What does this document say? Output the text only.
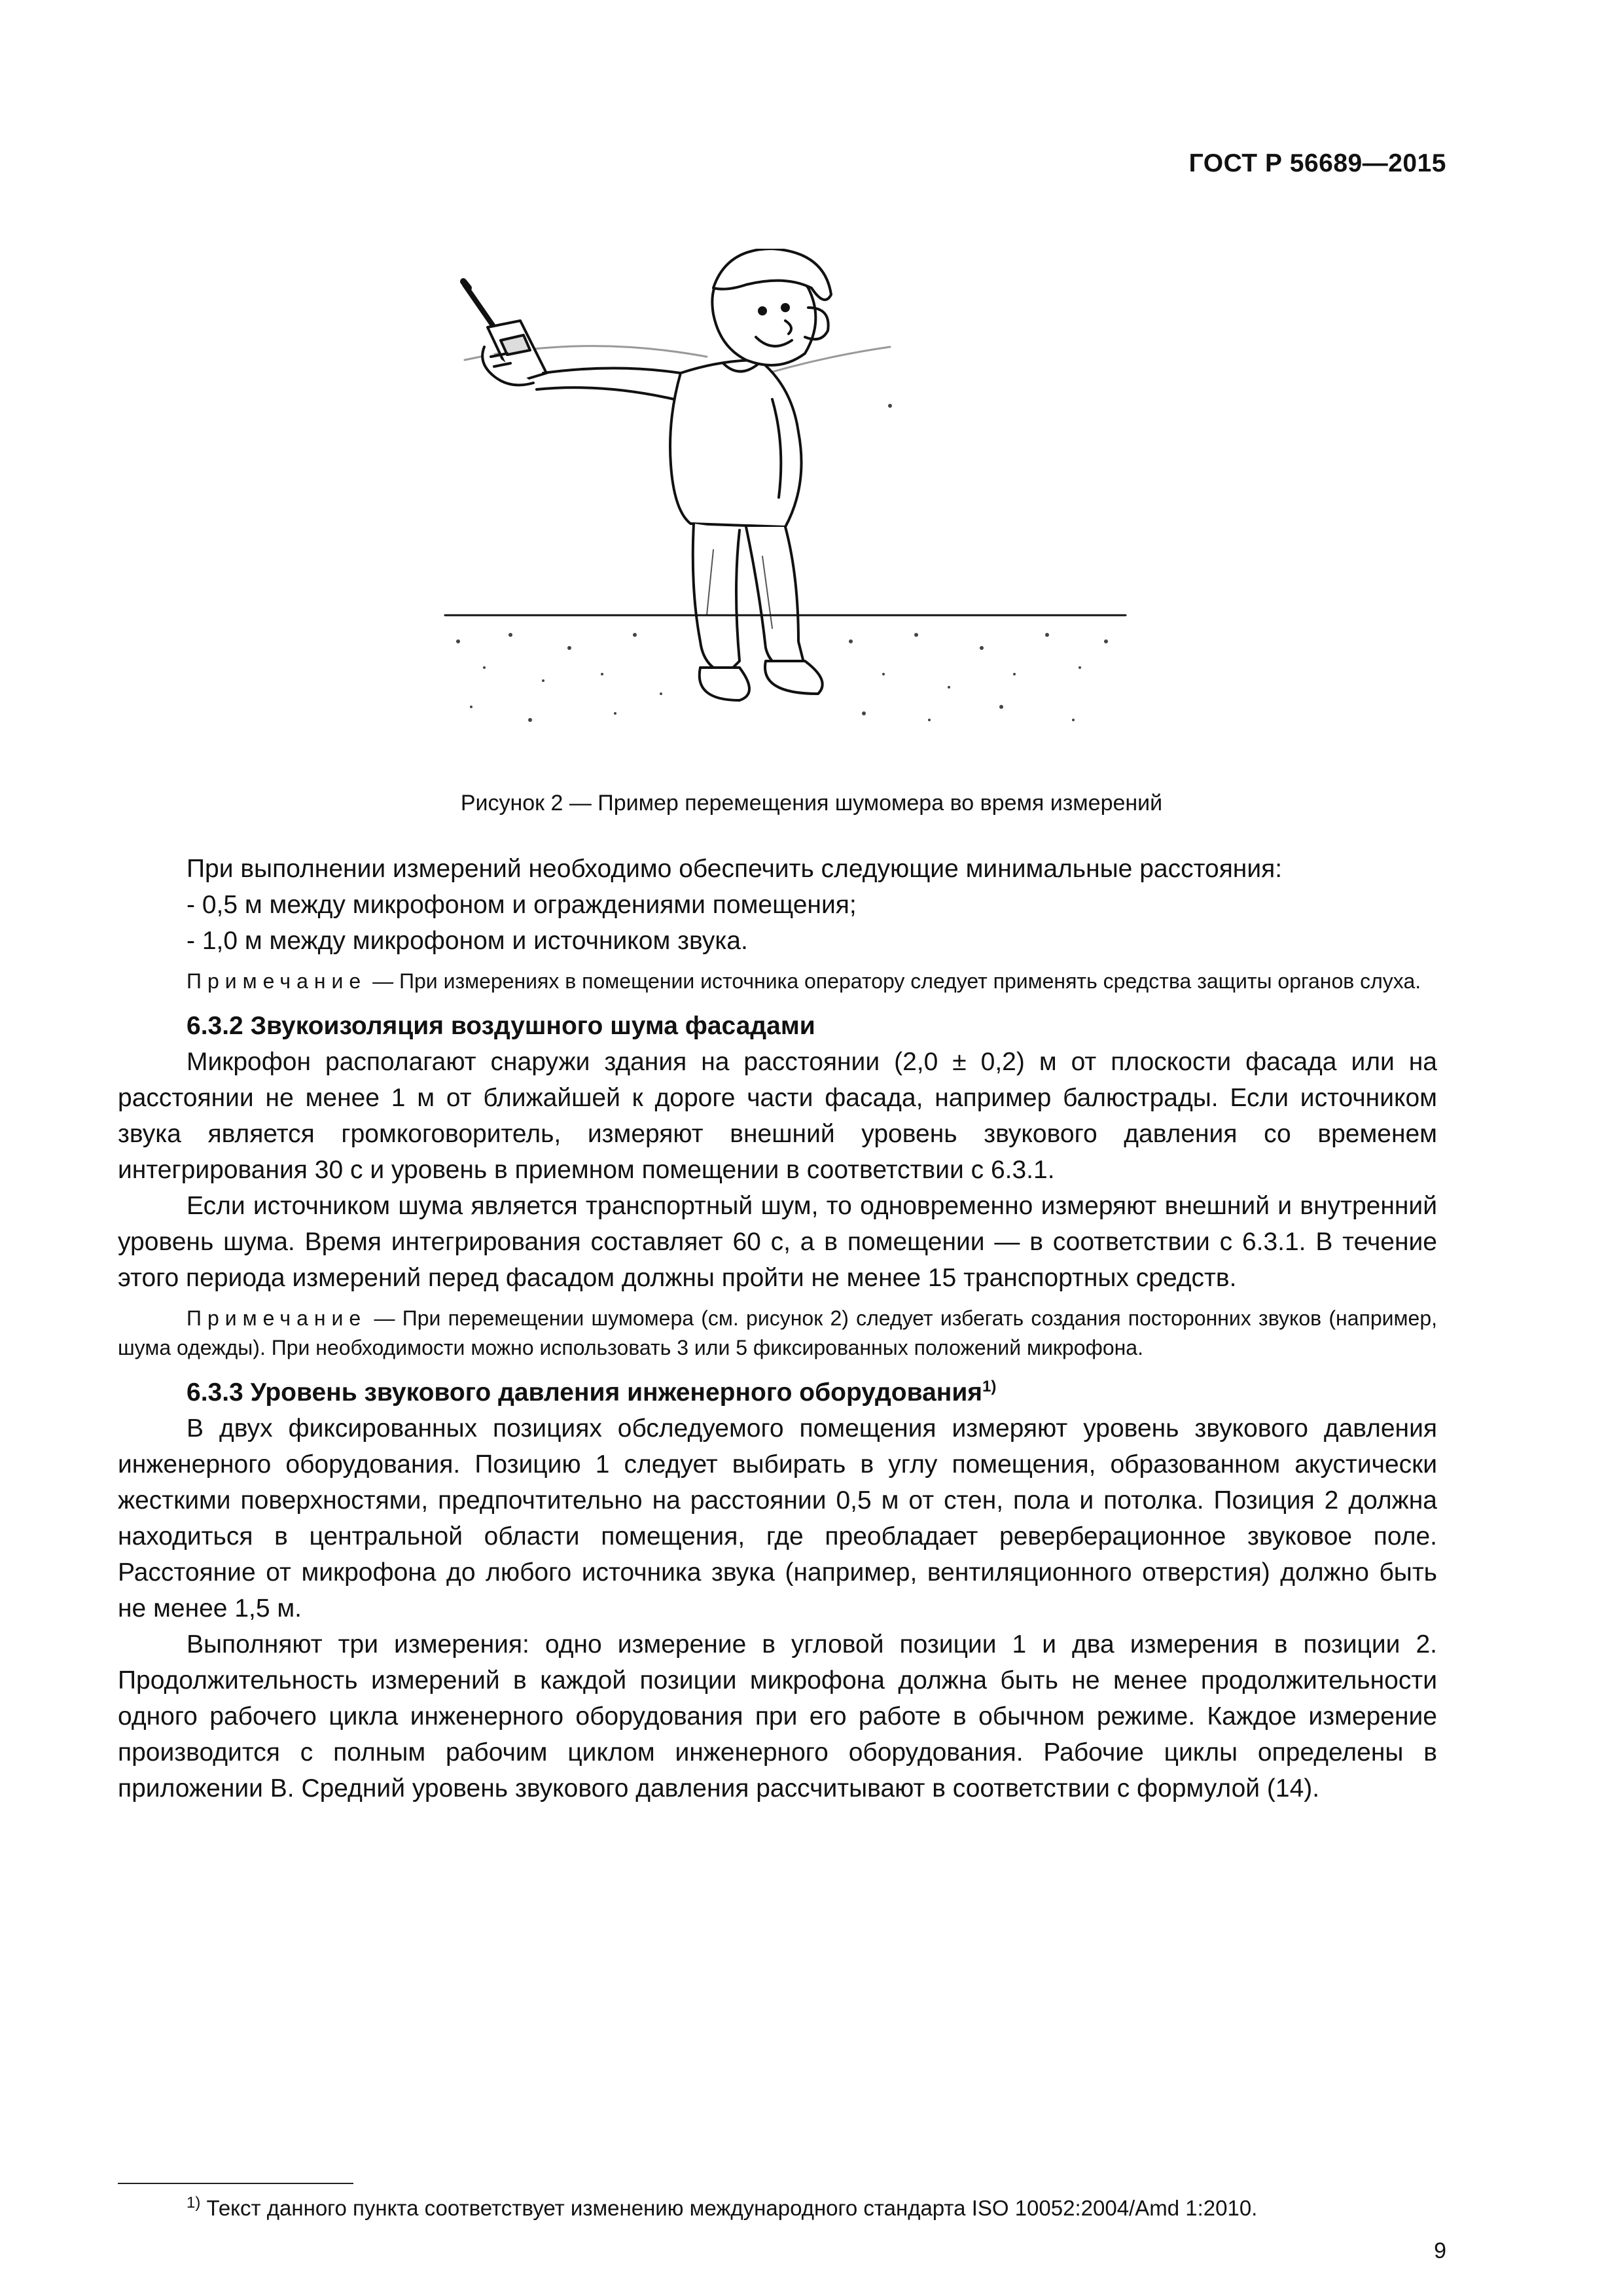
ГОСТ Р 56689—2015
Рисунок 2 — Пример перемещения шумомера во время измерений

При выполнении измерений необходимо обеспечить следующие минимальные расстояния:

- 0,5 м между микрофоном и ограждениями помещения;
- 1,0 м между микрофоном и источником звука.
Примечание — При измерениях в помещении источника оператору следует применять средства защиты органов слуха.

6.3.2 Звукоизоляция воздушного шума фасадами

Микрофон располагают снаружи здания на расстоянии (2,0 ± 0,2) м от плоскости фасада или на расстоянии не менее 1 м от ближайшей к дороге части фасада, например балюстрады. Если источником звука является громкоговоритель, измеряют внешний уровень звукового давления со временем интегрирования 30 с и уровень в приемном помещении в соответствии с 6.3.1.

Если источником шума является транспортный шум, то одновременно измеряют внешний и внутренний уровень шума. Время интегрирования составляет 60 с, а в помещении — в соответствии с 6.3.1. В течение этого периода измерений перед фасадом должны пройти не менее 15 транспортных средств.

Примечание — При перемещении шумомера (см. рисунок 2) следует избегать создания посторонних звуков (например, шума одежды). При необходимости можно использовать 3 или 5 фиксированных положений микрофона.

6.3.3 Уровень звукового давления инженерного оборудования$^{1)}$

В двух фиксированных позициях обследуемого помещения измеряют уровень звукового давления инженерного оборудования. Позицию 1 следует выбирать в углу помещения, образованном акустически жесткими поверхностями, предпочтительно на расстоянии 0,5 м от стен, пола и потолка. Позиция 2 должна находиться в центральной области помещения, где преобладает реверберационное звуковое поле. Расстояние от микрофона до любого источника звука (например, вентиляционного отверстия) должно быть не менее 1,5 м.

Выполняют три измерения: одно измерение в угловой позиции 1 и два измерения в позиции 2. Продолжительность измерений в каждой позиции микрофона должна быть не менее продолжительности одного рабочего цикла инженерного оборудования при его работе в обычном режиме. Каждое измерение производится с полным рабочим циклом инженерного оборудования. Рабочие циклы определены в приложении В. Средний уровень звукового давления рассчитывают в соответствии с формулой (14).

$^{1)}$ Текст данного пункта соответствует изменению международного стандарта ISO 10052:2004/Amd 1:2010.
9
